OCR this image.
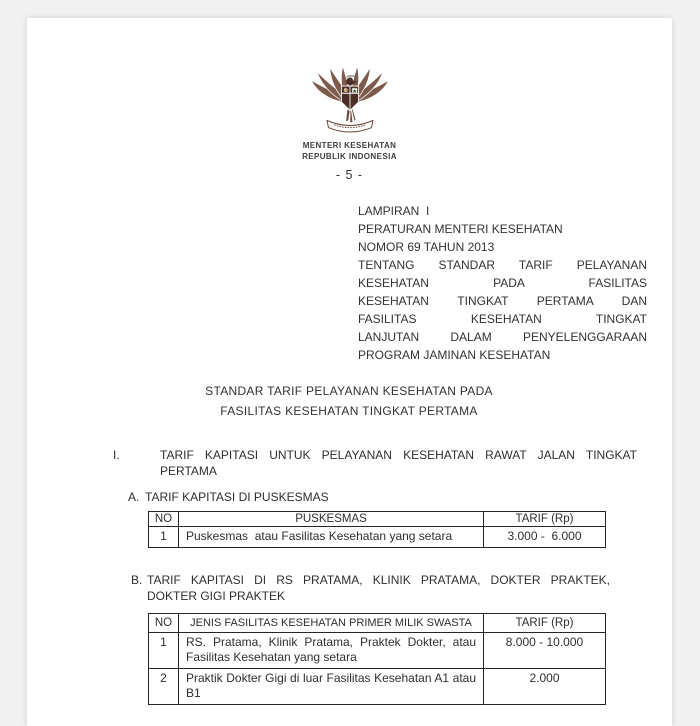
MENTERI KESEHATAN
REPUBLIK INDONESIA
- 5 -
LAMPIRAN  I
PERATURAN MENTERI KESEHATAN
NOMOR 69 TAHUN 2013
TENTANG STANDAR TARIF PELAYANAN
KESEHATAN PADA FASILITAS
KESEHATAN TINGKAT PERTAMA DAN
FASILITAS KESEHATAN TINGKAT
LANJUTAN DALAM PENYELENGGARAAN
PROGRAM JAMINAN KESEHATAN
STANDAR TARIF PELAYANAN KESEHATAN PADA
FASILITAS KESEHATAN TINGKAT PERTAMA
I.	TARIF KAPITASI UNTUK PELAYANAN KESEHATAN RAWAT JALAN TINGKAT
PERTAMA
A. TARIF KAPITASI DI PUSKESMAS
NO	PUSKESMAS	TARIF (Rp)
1	Puskesmas  atau Fasilitas Kesehatan yang setara	3.000 -  6.000
B. TARIF KAPITASI DI RS PRATAMA, KLINIK PRATAMA, DOKTER PRAKTEK,
DOKTER GIGI PRAKTEK
NO	JENIS FASILITAS KESEHATAN PRIMER MILIK SWASTA	TARIF (Rp)
1	RS. Pratama, Klinik Pratama, Praktek Dokter, atau
Fasilitas Kesehatan yang setara	8.000 - 10.000
2	Praktik Dokter Gigi di luar Fasilitas Kesehatan A1 atau
B1	2.000
